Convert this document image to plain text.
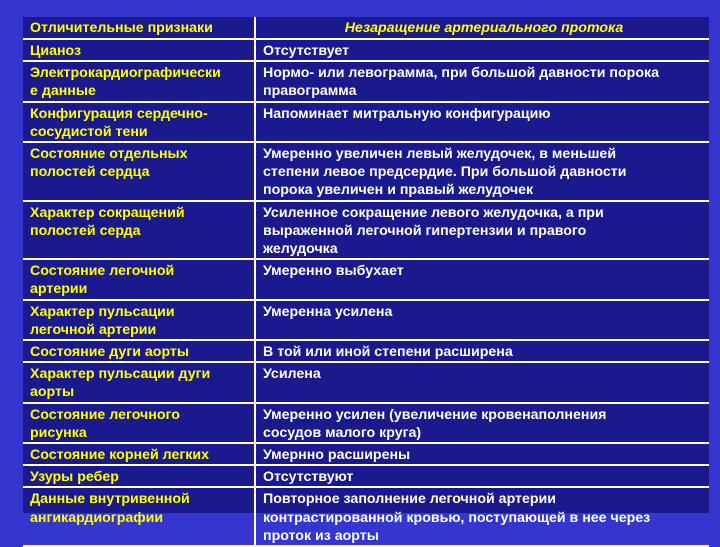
Отличительные признаки	Незаращение артериального протока

Цианоз	Отсутствует

Электрокардиографически
е данные	Нормо- или левограмма, при большой давности порока
правограмма

Конфигурация сердечно-
сосудистой тени	Напоминает митральную конфигурацию

Состояние отдельных
полостей сердца	Умеренно увеличен левый желудочек, в меньшей
степени левое предсердие. При большой давности
порока увеличен и правый желудочек

Характер сокращений
полостей серда	Усиленное сокращение левого желудочка, а при
выраженной легочной гипертензии и правого
желудочка

Состояние легочной
артерии	Умеренно выбухает

Характер пульсации
легочной артерии	Умеренна усилена

Состояние дуги аорты	В той или иной степени расширена

Характер пульсации дуги
аорты	Усилена

Состояние легочного
рисунка	Умеренно усилен (увеличение кровенаполнения
сосудов малого круга)

Состояние корней легких	Умернно расширены

Узуры ребер	Отсутствуют

Данные внутривенной
ангикардиографии	Повторное заполнение легочной артерии
контрастированной кровью, поступающей в нее через
проток из аорты
